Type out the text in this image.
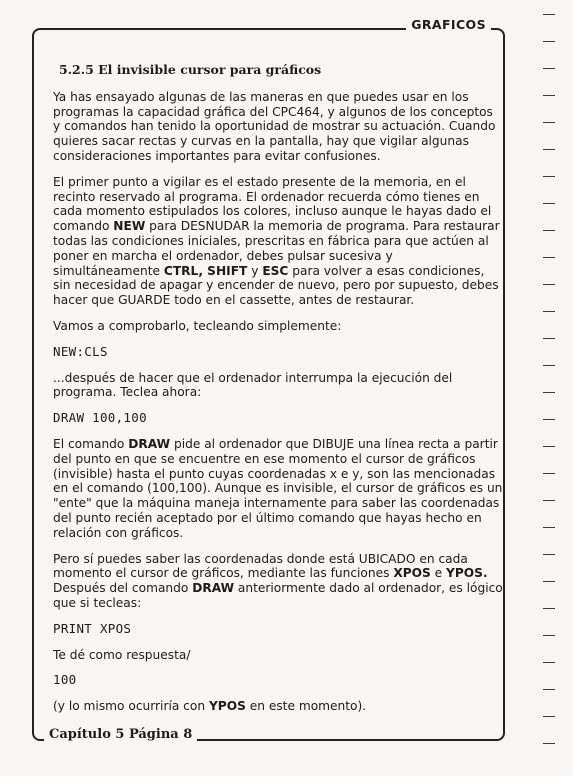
GRAFICOS
Capítulo 5 Página 8
5.2.5 El invisible cursor para gráficos

Ya has ensayado algunas de las maneras en que puedes usar en los programas la capacidad gráfica del CPC464, y algunos de los conceptos y comandos han tenido la oportunidad de mostrar su actuación. Cuando quieres sacar rectas y curvas en la pantalla, hay que vigilar algunas consideraciones importantes para evitar confusiones.

El primer punto a vigilar es el estado presente de la memoria, en el recinto reservado al programa. El ordenador recuerda cómo tienes en cada momento estipulados los colores, incluso aunque le hayas dado el comando NEW para DESNUDAR la memoria de programa. Para restaurar todas las condiciones iniciales, prescritas en fábrica para que actúen al poner en marcha el ordenador, debes pulsar sucesiva y simultáneamente CTRL, SHIFT y ESC para volver a esas condiciones, sin necesidad de apagar y encender de nuevo, pero por supuesto, debes hacer que GUARDE todo en el cassette, antes de restaurar.

Vamos a comprobarlo, tecleando simplemente:

NEW:CLS

...después de hacer que el ordenador interrumpa la ejecución del programa. Teclea ahora:

DRAW 100,100

El comando DRAW pide al ordenador que DIBUJE una línea recta a partir del punto en que se encuentre en ese momento el cursor de gráficos (invisible) hasta el punto cuyas coordenadas x e y, son las mencionadas en el comando (100,100). Aunque es invisible, el cursor de gráficos es un "ente" que la máquina maneja internamente para saber las coordenadas del punto recién aceptado por el último comando que hayas hecho en relación con gráficos.

Pero sí puedes saber las coordenadas donde está UBICADO en cada momento el cursor de gráficos, mediante las funciones XPOS e YPOS. Después del comando DRAW anteriormente dado al ordenador, es lógico que si tecleas:

PRINT XPOS

Te dé como respuesta/

100

(y lo mismo ocurriría con YPOS en este momento).
